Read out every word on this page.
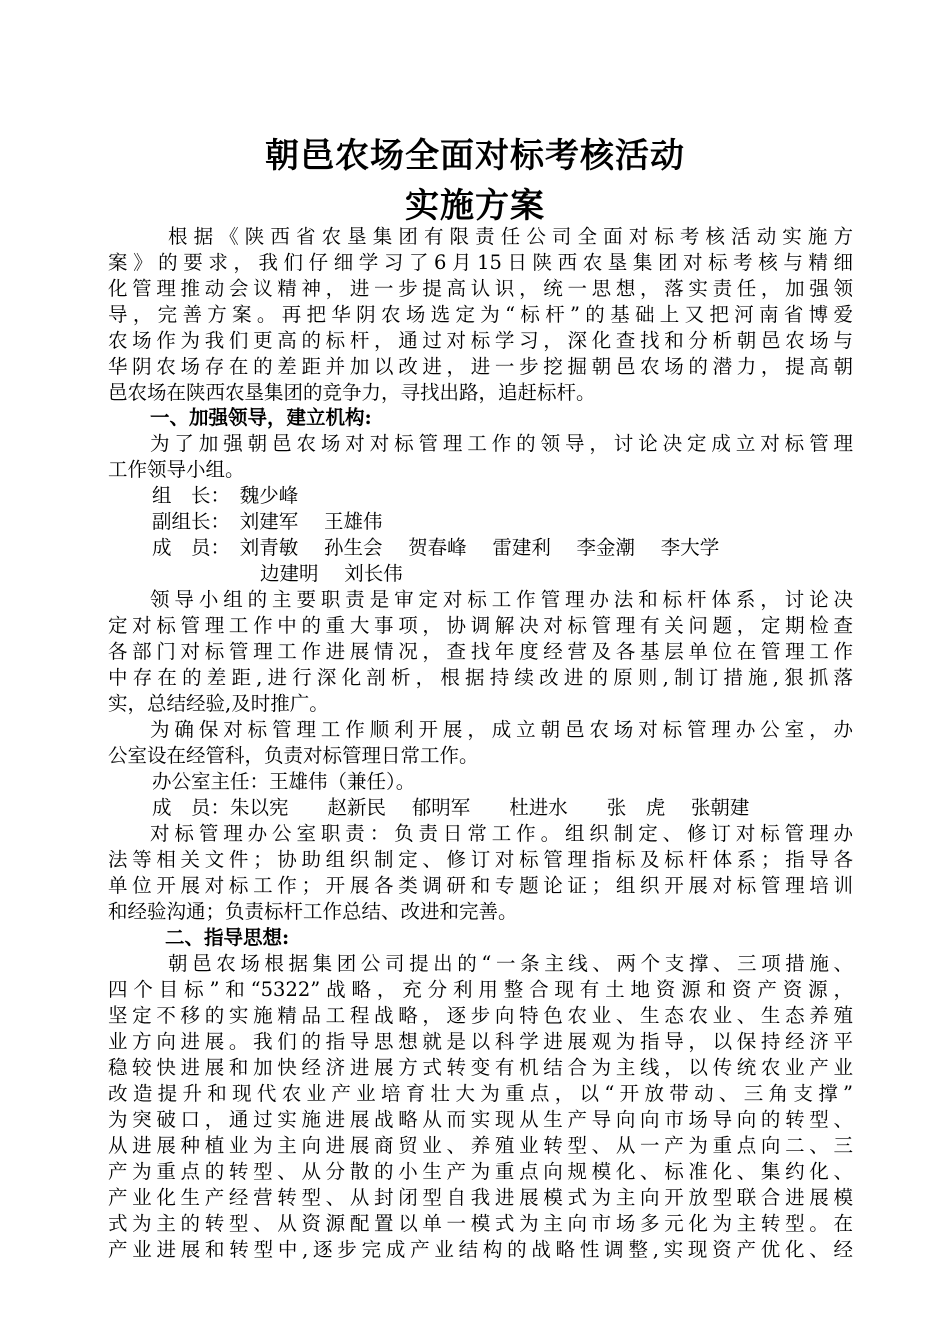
朝邑农场全面对标考核活动
实施方案
根据《陕西省农垦集团有限责任公司全面对标考核活动实施方
案》的要求，我们仔细学习了6月15日陕西农垦集团对标考核与精细
化管理推动会议精神，进一步提高认识，统一思想，落实责任，加强领
导，完善方案。再把华阴农场选定为“标杆”的基础上又把河南省博爱
农场作为我们更高的标杆，通过对标学习，深化查找和分析朝邑农场与
华阴农场存在的差距并加以改进，进一步挖掘朝邑农场的潜力，提高朝
邑农场在陕西农垦集团的竞争力，寻找出路，追赶标杆。
一、加强领导，建立机构:
为了加强朝邑农场对对标管理工作的领导，讨论决定成立对标管理
工作领导小组。
组　长：　魏少峰
副组长：　刘建军　 王雄伟
成　员：　刘青敏　 孙生会　 贺春峰　 雷建利　 李金潮　 李大学
边建明　 刘长伟
领导小组的主要职责是审定对标工作管理办法和标杆体系，讨论决
定对标管理工作中的重大事项，协调解决对标管理有关问题，定期检查
各部门对标管理工作进展情况，查找年度经营及各基层单位在管理工作
中存在的差距,进行深化剖析，根据持续改进的原则,制订措施,狠抓落
实，总结经验,及时推广。
为确保对标管理工作顺利开展，成立朝邑农场对标管理办公室，办
公室设在经管科，负责对标管理日常工作。
办公室主任：王雄伟（兼任）。
成　员：朱以宪　　赵新民　 郁明军　　杜进水　　张　虎　 张朝建
对标管理办公室职责：负责日常工作。组织制定、修订对标管理办
法等相关文件；协助组织制定、修订对标管理指标及标杆体系；指导各
单位开展对标工作；开展各类调研和专题论证；组织开展对标管理培训
和经验沟通；负责标杆工作总结、改进和完善。
二、指导思想:
朝邑农场根据集团公司提出的“一条主线、两个支撑、三项措施、
四个目标”和“5322”战略，充分利用整合现有土地资源和资产资源，
坚定不移的实施精品工程战略，逐步向特色农业、生态农业、生态养殖
业方向进展。我们的指导思想就是以科学进展观为指导，以保持经济平
稳较快进展和加快经济进展方式转变有机结合为主线，以传统农业产业
改造提升和现代农业产业培育壮大为重点，以“开放带动、三角支撑”
为突破口，通过实施进展战略从而实现从生产导向向市场导向的转型、
从进展种植业为主向进展商贸业、养殖业转型、从一产为重点向二、三
产为重点的转型、从分散的小生产为重点向规模化、标准化、集约化、
产业化生产经营转型、从封闭型自我进展模式为主向开放型联合进展模
式为主的转型、从资源配置以单一模式为主向市场多元化为主转型。在
产业进展和转型中,逐步完成产业结构的战略性调整,实现资产优化、经
